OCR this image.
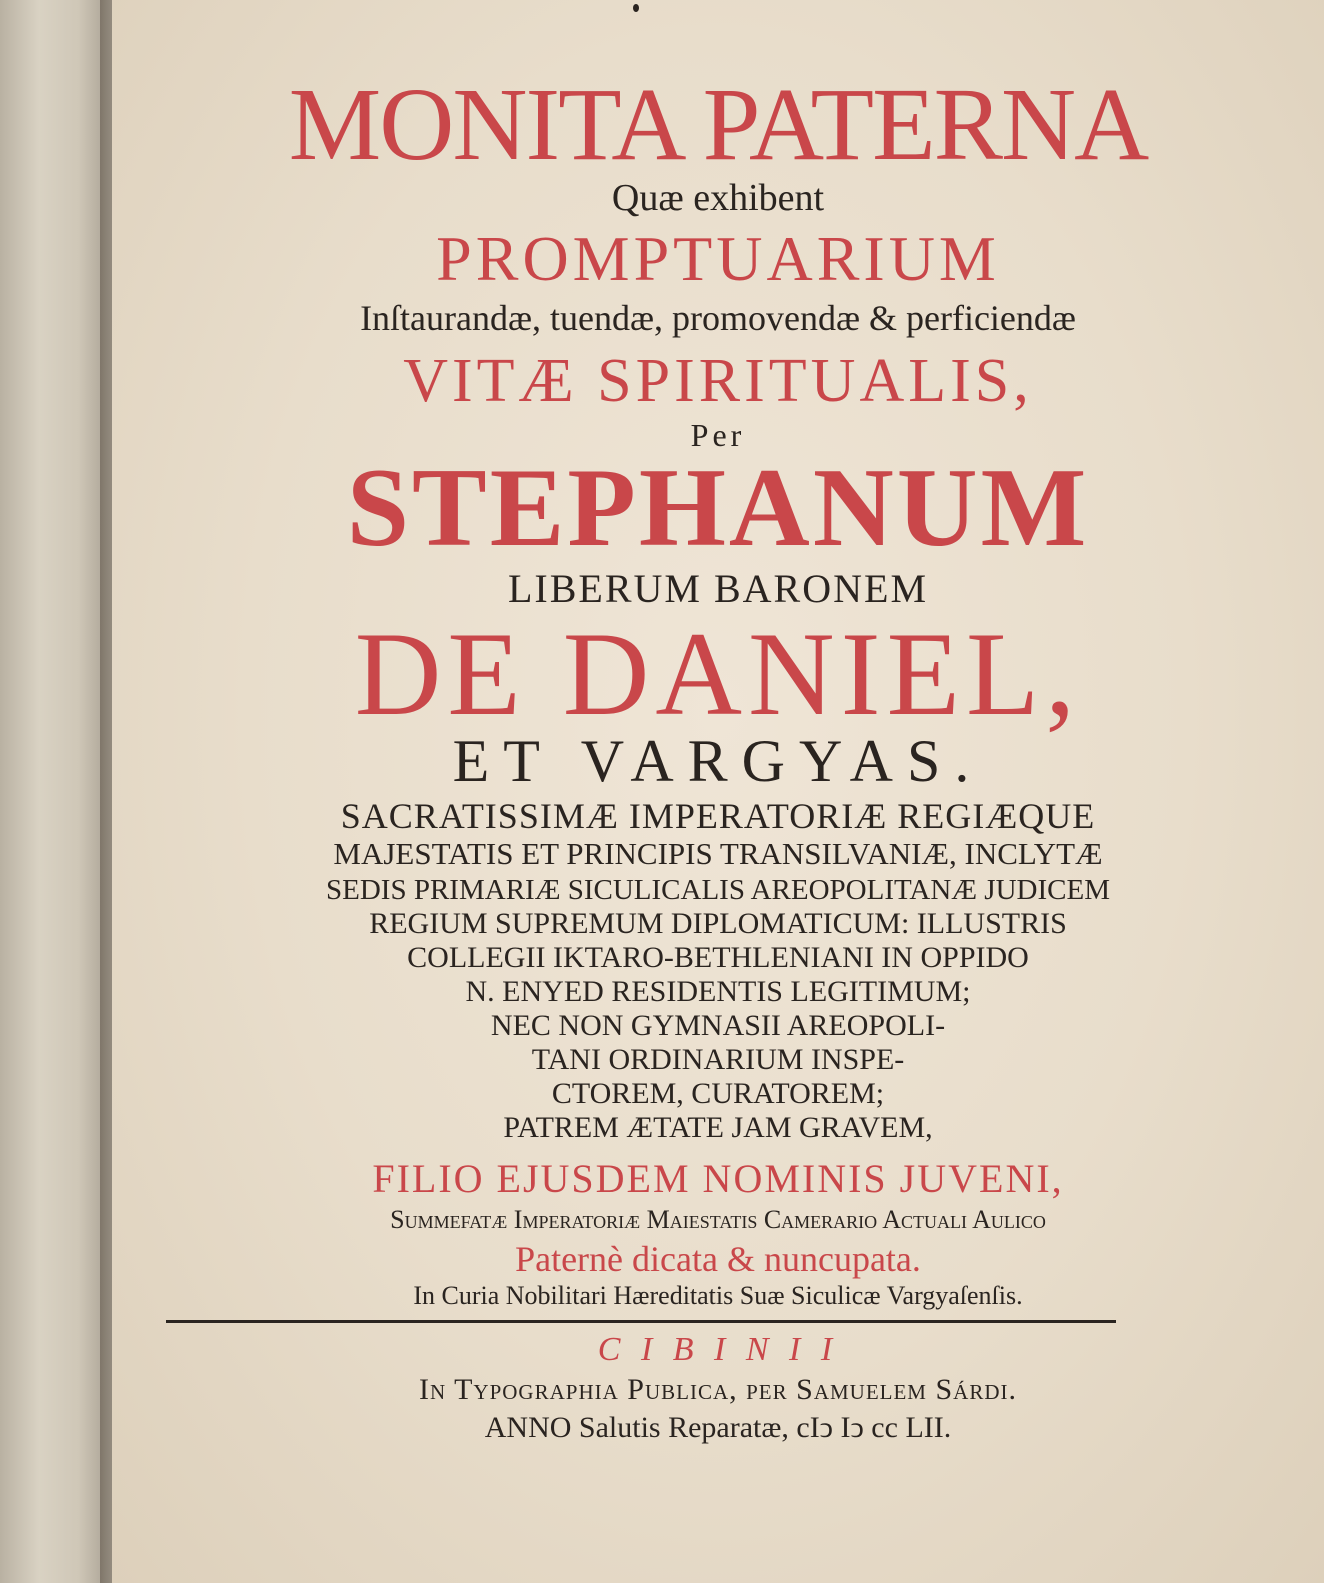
MONITA PATERNA
Quæ exhibent
PROMPTUARIUM
Inſtaurandæ, tuendæ, promovendæ & perficiendæ
VITÆ SPIRITUALIS,
Per
STEPHANUM
LIBERUM BARONEM
DE DANIEL,
ET VARGYAS.
SACRATISSIMÆ IMPERATORIÆ REGIÆQUE
MAJESTATIS ET PRINCIPIS TRANSILVANIÆ, INCLYTÆ
SEDIS PRIMARIÆ SICULICALIS AREOPOLITANÆ JUDICEM
REGIUM SUPREMUM DIPLOMATICUM: ILLUSTRIS
COLLEGII IKTARO-BETHLENIANI IN OPPIDO
N. ENYED RESIDENTIS LEGITIMUM;
NEC NON GYMNASII AREOPOLI-
TANI ORDINARIUM INSPE-
CTOREM, CURATOREM;
PATREM ÆTATE JAM GRAVEM,
FILIO EJUSDEM NOMINIS JUVENI,
Summefatæ Imperatoriæ Maiestatis Camerario Actuali Aulico
Paternè dicata & nuncupata.
In Curia Nobilitari Hæreditatis Suæ Siculicæ Vargyaſenſis.
C I B I N I I
In Typographia Publica, per Samuelem Sárdi.
ANNO Salutis Reparatæ, cIↄ Iↄ cc LII.
